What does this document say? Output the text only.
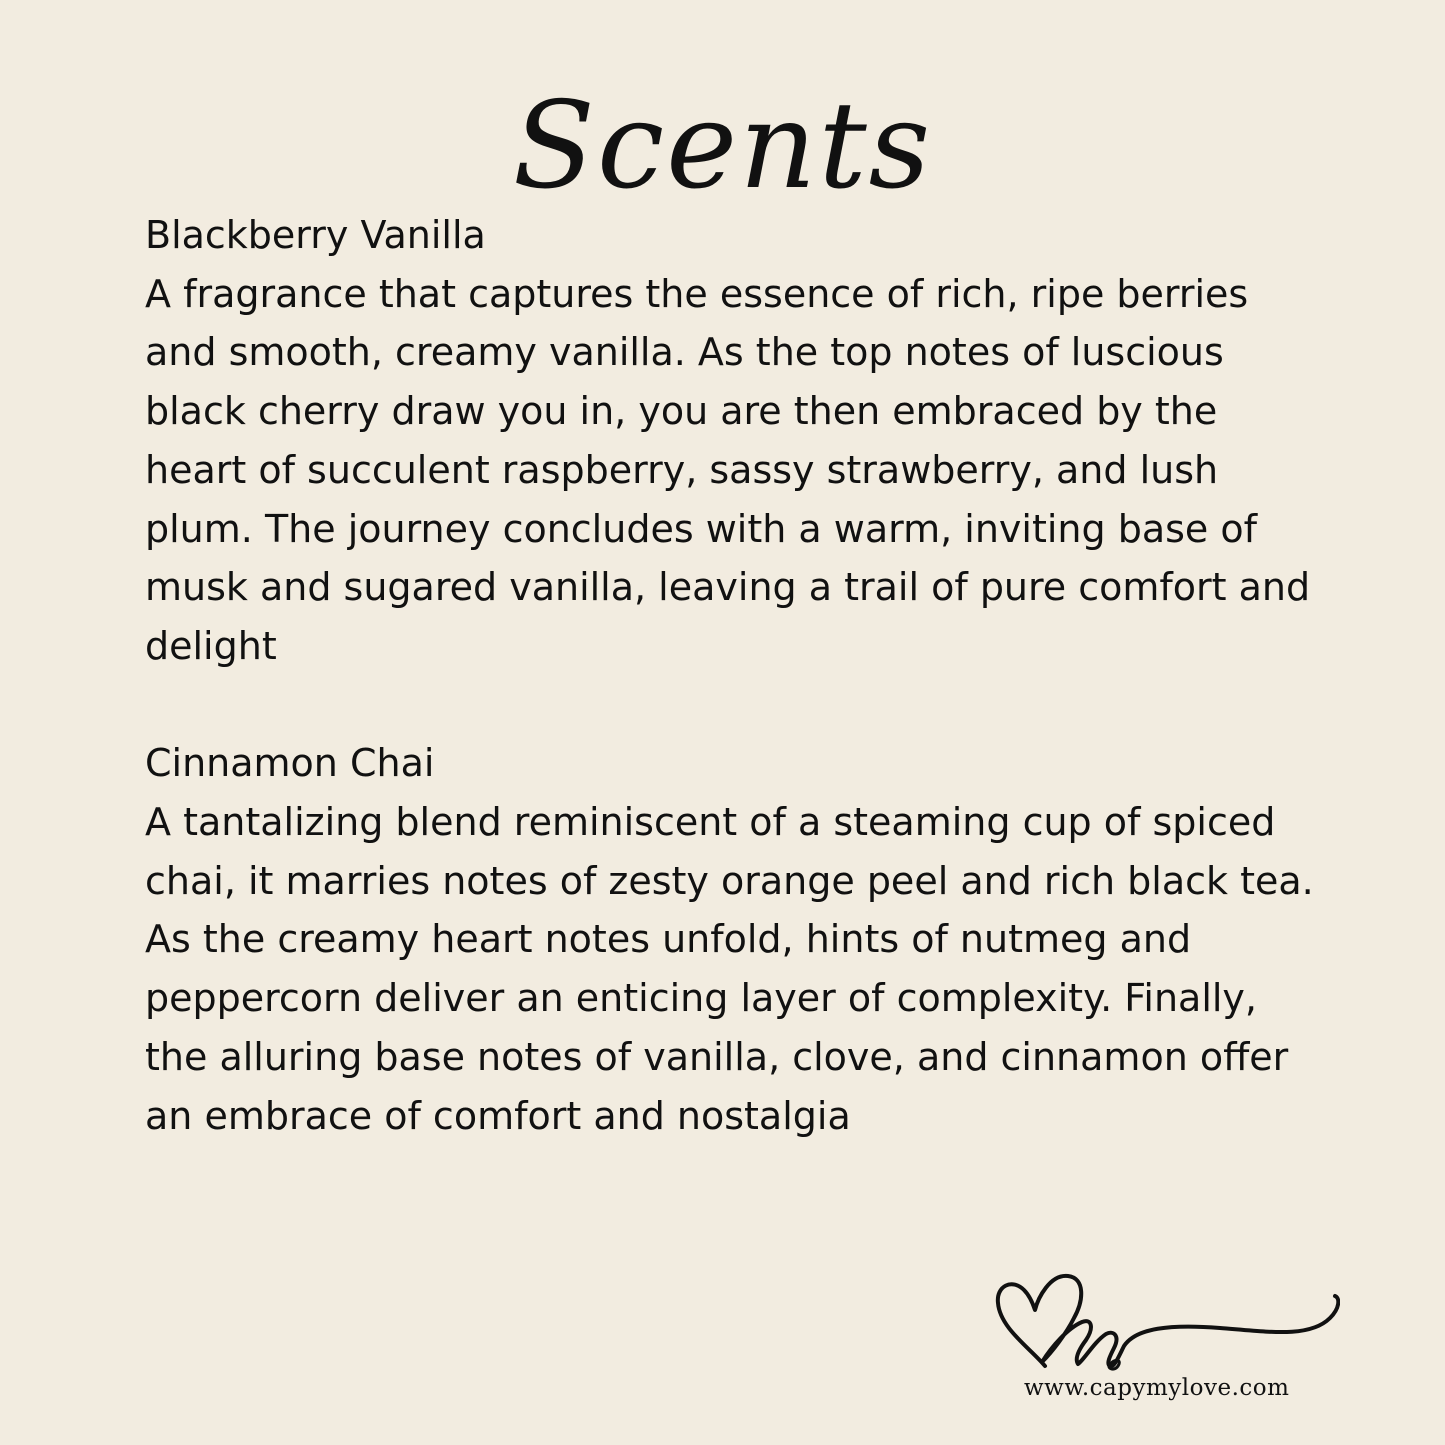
Scents
Blackberry Vanilla
A fragrance that captures the essence of rich, ripe berries and smooth, creamy vanilla. As the top notes of luscious black cherry draw you in, you are then embraced by the heart of succulent raspberry, sassy strawberry, and lush plum. The journey concludes with a warm, inviting base of musk and sugared vanilla, leaving a trail of pure comfort and delight
Cinnamon Chai
A tantalizing blend reminiscent of a steaming cup of spiced chai, it marries notes of zesty orange peel and rich black tea. As the creamy heart notes unfold, hints of nutmeg and peppercorn deliver an enticing layer of complexity. Finally, the alluring base notes of vanilla, clove, and cinnamon offer an embrace of comfort and nostalgia
www.capymylove.com
